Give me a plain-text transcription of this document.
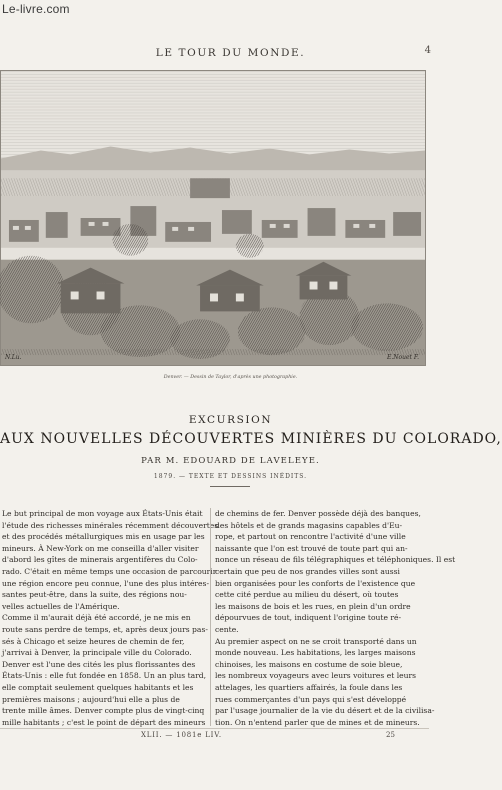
Le-livre.com
LE TOUR DU MONDE.	4
E.Nouet F.
N.Lu.
Denver. — Dessin de Taylor, d'après une photographie.
EXCURSION
AUX NOUVELLES DÉCOUVERTES MINIÈRES DU COLORADO,
PAR M. EDOUARD DE LAVELEYE.
1879. — TEXTE ET DESSINS INÉDITS.
Le but principal de mon voyage aux États-Unis était
l'étude des richesses minérales récemment découvertes
et des procédés métallurgiques mis en usage par les
mineurs. À New-York on me conseilla d'aller visiter
d'abord les gîtes de minerais argentifères du Colo-
rado. C'était en même temps une occasion de parcourir
une région encore peu connue, l'une des plus intéres-
santes peut-être, dans la suite, des régions nou-
velles actuelles de l'Amérique.
Comme il m'aurait déjà été accordé, je ne mis en
route sans perdre de temps, et, après deux jours pas-
sés à Chicago et seize heures de chemin de fer,
j'arrivai à Denver, la principale ville du Colorado.
Denver est l'une des cités les plus florissantes des
États-Unis : elle fut fondée en 1858. Un an plus tard,
elle comptait seulement quelques habitants et les
premières maisons ; aujourd'hui elle a plus de
trente mille âmes. Denver compte plus de vingt-cinq
mille habitants ; c'est le point de départ des mineurs
de chemins de fer. Denver possède déjà des banques,
des hôtels et de grands magasins capables d'Eu-
rope, et partout on rencontre l'activité d'une ville
naissante que l'on est trouvé de toute part qui an-
nonce un réseau de fils télégraphiques et téléphoniques. Il est
certain que peu de nos grandes villes sont aussi
bien organisées pour les conforts de l'existence que
cette cité perdue au milieu du désert, où toutes
les maisons de bois et les rues, en plein d'un ordre
dépourvues de tout, indiquent l'origine toute ré-
cente.
Au premier aspect on ne se croit transporté dans un
monde nouveau. Les habitations, les larges maisons
chinoises, les maisons en costume de soie bleue,
les nombreux voyageurs avec leurs voitures et leurs
attelages, les quartiers affairés, la foule dans les
rues commerçantes d'un pays qui s'est développé
par l'usage journalier de la vie du désert et de la civilisa-
tion. On n'entend parler que de mines et de mineurs.
XLII. — 1081e LIV.	25
